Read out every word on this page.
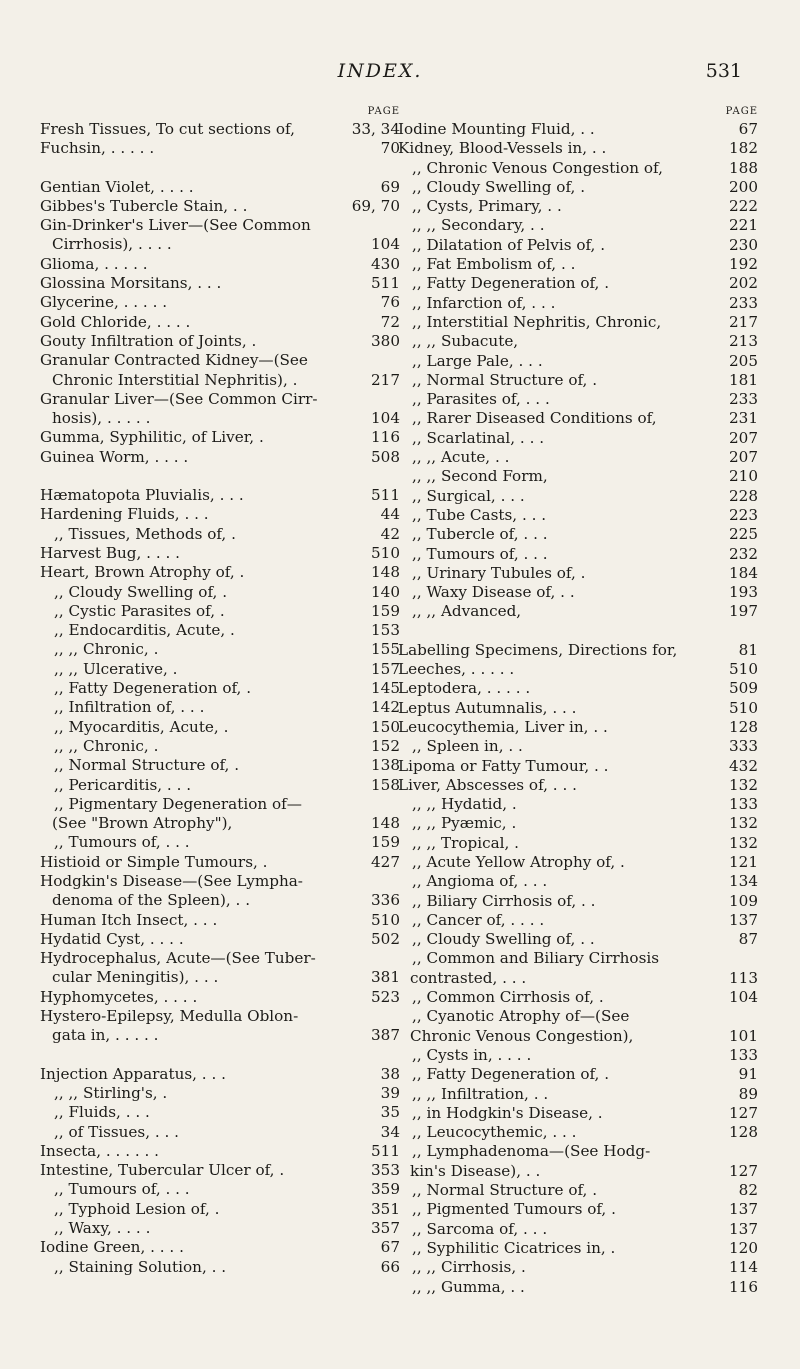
INDEX.	531
PAGE
Fresh Tissues, To cut sections of,	33, 34
Fuchsin, . . . . .	70
Gentian Violet, . . . .	69
Gibbes's Tubercle Stain, . .	69, 70
Gin-Drinker's Liver—(See Common
Cirrhosis), . . . .	104
Glioma, . . . . .	430
Glossina Morsitans, . . .	511
Glycerine, . . . . .	76
Gold Chloride, . . . .	72
Gouty Infiltration of Joints, .	380
Granular Contracted Kidney—(See
Chronic Interstitial Nephritis), .	217
Granular Liver—(See Common Cirr-
hosis), . . . . .	104
Gumma, Syphilitic, of Liver, .	116
Guinea Worm, . . . .	508
Hæmatopota Pluvialis, . . .	511
Hardening Fluids, . . .	44
,, Tissues, Methods of, .	42
Harvest Bug, . . . .	510
Heart, Brown Atrophy of, .	148
,, Cloudy Swelling of, .	140
,, Cystic Parasites of, .	159
,, Endocarditis, Acute, .	153
,, ,, Chronic, .	155
,, ,, Ulcerative, .	157
,, Fatty Degeneration of, .	145
,, Infiltration of, . . .	142
,, Myocarditis, Acute, .	150
,, ,, Chronic, .	152
,, Normal Structure of, .	138
,, Pericarditis, . . .	158
,, Pigmentary Degeneration of—
(See "Brown Atrophy"),	148
,, Tumours of, . . .	159
Histioid or Simple Tumours, .	427
Hodgkin's Disease—(See Lympha-
denoma of the Spleen), . .	336
Human Itch Insect, . . .	510
Hydatid Cyst, . . . .	502
Hydrocephalus, Acute—(See Tuber-
cular Meningitis), . . .	381
Hyphomycetes, . . . .	523
Hystero-Epilepsy, Medulla Oblon-
gata in, . . . . .	387
Injection Apparatus, . . .	38
,, ,, Stirling's, .	39
,, Fluids, . . .	35
,, of Tissues, . . .	34
Insecta, . . . . . .	511
Intestine, Tubercular Ulcer of, .	353
,, Tumours of, . . .	359
,, Typhoid Lesion of, .	351
,, Waxy, . . . .	357
Iodine Green, . . . .	67
,, Staining Solution, . .	66
PAGE
Iodine Mounting Fluid, . .	67
Kidney, Blood-Vessels in, . .	182
,, Chronic Venous Congestion of,	188
,, Cloudy Swelling of, .	200
,, Cysts, Primary, . .	222
,, ,, Secondary, . .	221
,, Dilatation of Pelvis of, .	230
,, Fat Embolism of, . .	192
,, Fatty Degeneration of, .	202
,, Infarction of, . . .	233
,, Interstitial Nephritis, Chronic,	217
,, ,, Subacute,	213
,, Large Pale, . . .	205
,, Normal Structure of, .	181
,, Parasites of, . . .	233
,, Rarer Diseased Conditions of,	231
,, Scarlatinal, . . .	207
,, ,, Acute, . .	207
,, ,, Second Form,	210
,, Surgical, . . .	228
,, Tube Casts, . . .	223
,, Tubercle of, . . .	225
,, Tumours of, . . .	232
,, Urinary Tubules of, .	184
,, Waxy Disease of, . .	193
,, ,, Advanced,	197
Labelling Specimens, Directions for,	81
Leeches, . . . . .	510
Leptodera, . . . . .	509
Leptus Autumnalis, . . .	510
Leucocythemia, Liver in, . .	128
,, Spleen in, . .	333
Lipoma or Fatty Tumour, . .	432
Liver, Abscesses of, . . .	132
,, ,, Hydatid, .	133
,, ,, Pyæmic, .	132
,, ,, Tropical, .	132
,, Acute Yellow Atrophy of, .	121
,, Angioma of, . . .	134
,, Biliary Cirrhosis of, . .	109
,, Cancer of, . . . .	137
,, Cloudy Swelling of, . .	87
,, Common and Biliary Cirrhosis
contrasted, . . .	113
,, Common Cirrhosis of, .	104
,, Cyanotic Atrophy of—(See
Chronic Venous Congestion),	101
,, Cysts in, . . . .	133
,, Fatty Degeneration of, .	91
,, ,, Infiltration, . .	89
,, in Hodgkin's Disease, .	127
,, Leucocythemic, . . .	128
,, Lymphadenoma—(See Hodg-
kin's Disease), . .	127
,, Normal Structure of, .	82
,, Pigmented Tumours of, .	137
,, Sarcoma of, . . .	137
,, Syphilitic Cicatrices in, .	120
,, ,, Cirrhosis, .	114
,, ,, Gumma, . .	116
